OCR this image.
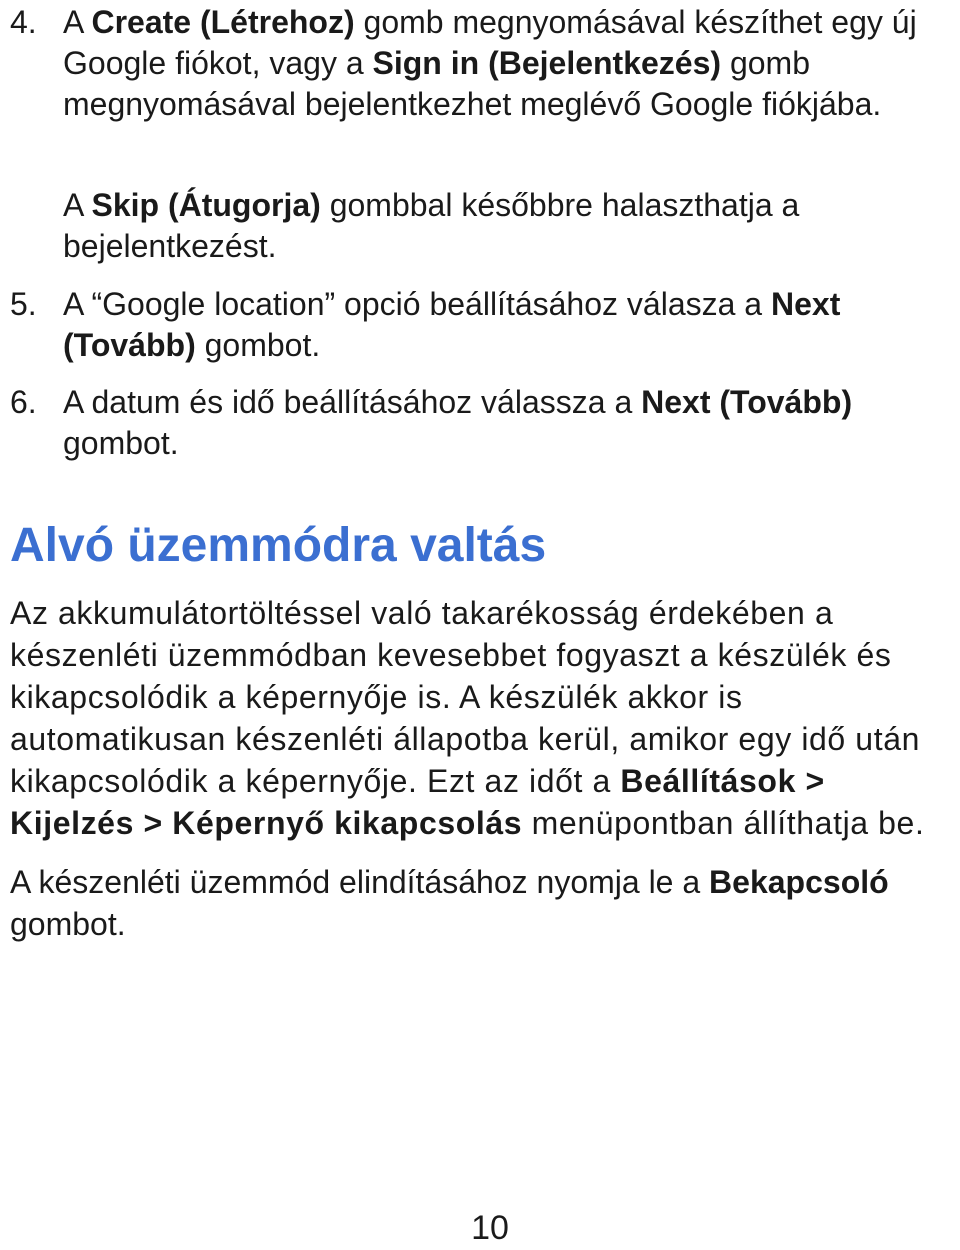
4. A Create (Létrehoz) gomb megnyomásával készíthet egy új Google fiókot, vagy a Sign in (Bejelentkezés) gomb megnyomásával bejelentkezhet meglévő Google fiókjába.
A Skip (Átugorja) gombbal későbbre halaszthatja a bejelentkezést.
5. A “Google location” opció beállításához válasza a Next (Tovább) gombot.
6. A datum és idő beállításához válassza a Next (Tovább) gombot.
Alvó üzemmódra valtás
Az akkumulátortöltéssel való takarékosság érdekében a készenléti üzemmódban kevesebbet fogyaszt a készülék és kikapcsolódik a képernyője is. A készülék akkor is automatikusan készenléti állapotba kerül, amikor egy idő után kikapcsolódik a képernyője. Ezt az időt a Beállítások > Kijelzés > Képernyő kikapcsolás menüpontban állíthatja be.
A készenléti üzemmód elindításához nyomja le a Bekapcsoló gombot.
10
